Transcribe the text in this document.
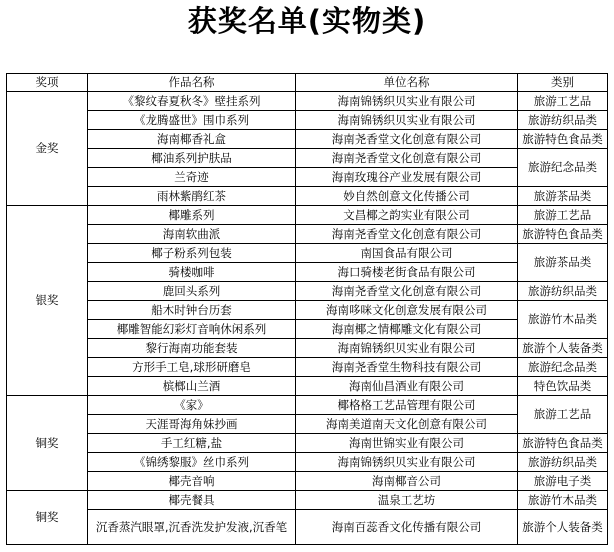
获奖名单(实物类)
奖项	作品名称	单位名称	类别
金奖	《黎纹春夏秋冬》壁挂系列	海南锦锈织贝实业有限公司	旅游工艺品
	《龙腾盛世》围巾系列	海南锦锈织贝实业有限公司	旅游纺织品类
	海南椰香礼盒	海南尧香堂文化创意有限公司	旅游特色食品类
	椰油系列护肤品	海南尧香堂文化创意有限公司	旅游纪念品类
	兰奇迹	海南玫瑰谷产业发展有限公司	
	雨林紫鹃红茶	妙自然创意文化传播公司	旅游茶品类
银奖	椰雕系列	文昌椰之韵实业有限公司	旅游工艺品
	海南软曲派	海南尧香堂文化创意有限公司	旅游特色食品类
	椰子粉系列包装	南国食品有限公司	旅游茶品类
	骑楼咖啡	海口骑楼老街食品有限公司	
	鹿回头系列	海南尧香堂文化创意有限公司	旅游纺织品类
	船木时钟台历套	海南哆咪文化创意发展有限公司	旅游竹木品类
	椰雕智能幻彩灯音响休闲系列	海南椰之情椰雕文化有限公司	
	黎行海南功能套装	海南锦锈织贝实业有限公司	旅游个人装备类
	方形手工皂,球形研磨皂	海南尧香堂生物科技有限公司	旅游纪念品类
	槟榔山兰酒	海南仙昌酒业有限公司	特色饮品类
铜奖	《家》	椰格格工艺品管理有限公司	旅游工艺品
	天涯哥海角妹抄画	海南美道南天文化创意有限公司	
	手工红糖,盐	海南世锦实业有限公司	旅游特色食品类
	《锦绣黎服》丝巾系列	海南锦锈织贝实业有限公司	旅游纺织品类
	椰壳音响	海南椰音公司	旅游电子类
铜奖	椰壳餐具	温泉工艺坊	旅游竹木品类
	沉香蒸汽眼罩,沉香洗发护发液,沉香笔	海南百蕊香文化传播有限公司	旅游个人装备类
